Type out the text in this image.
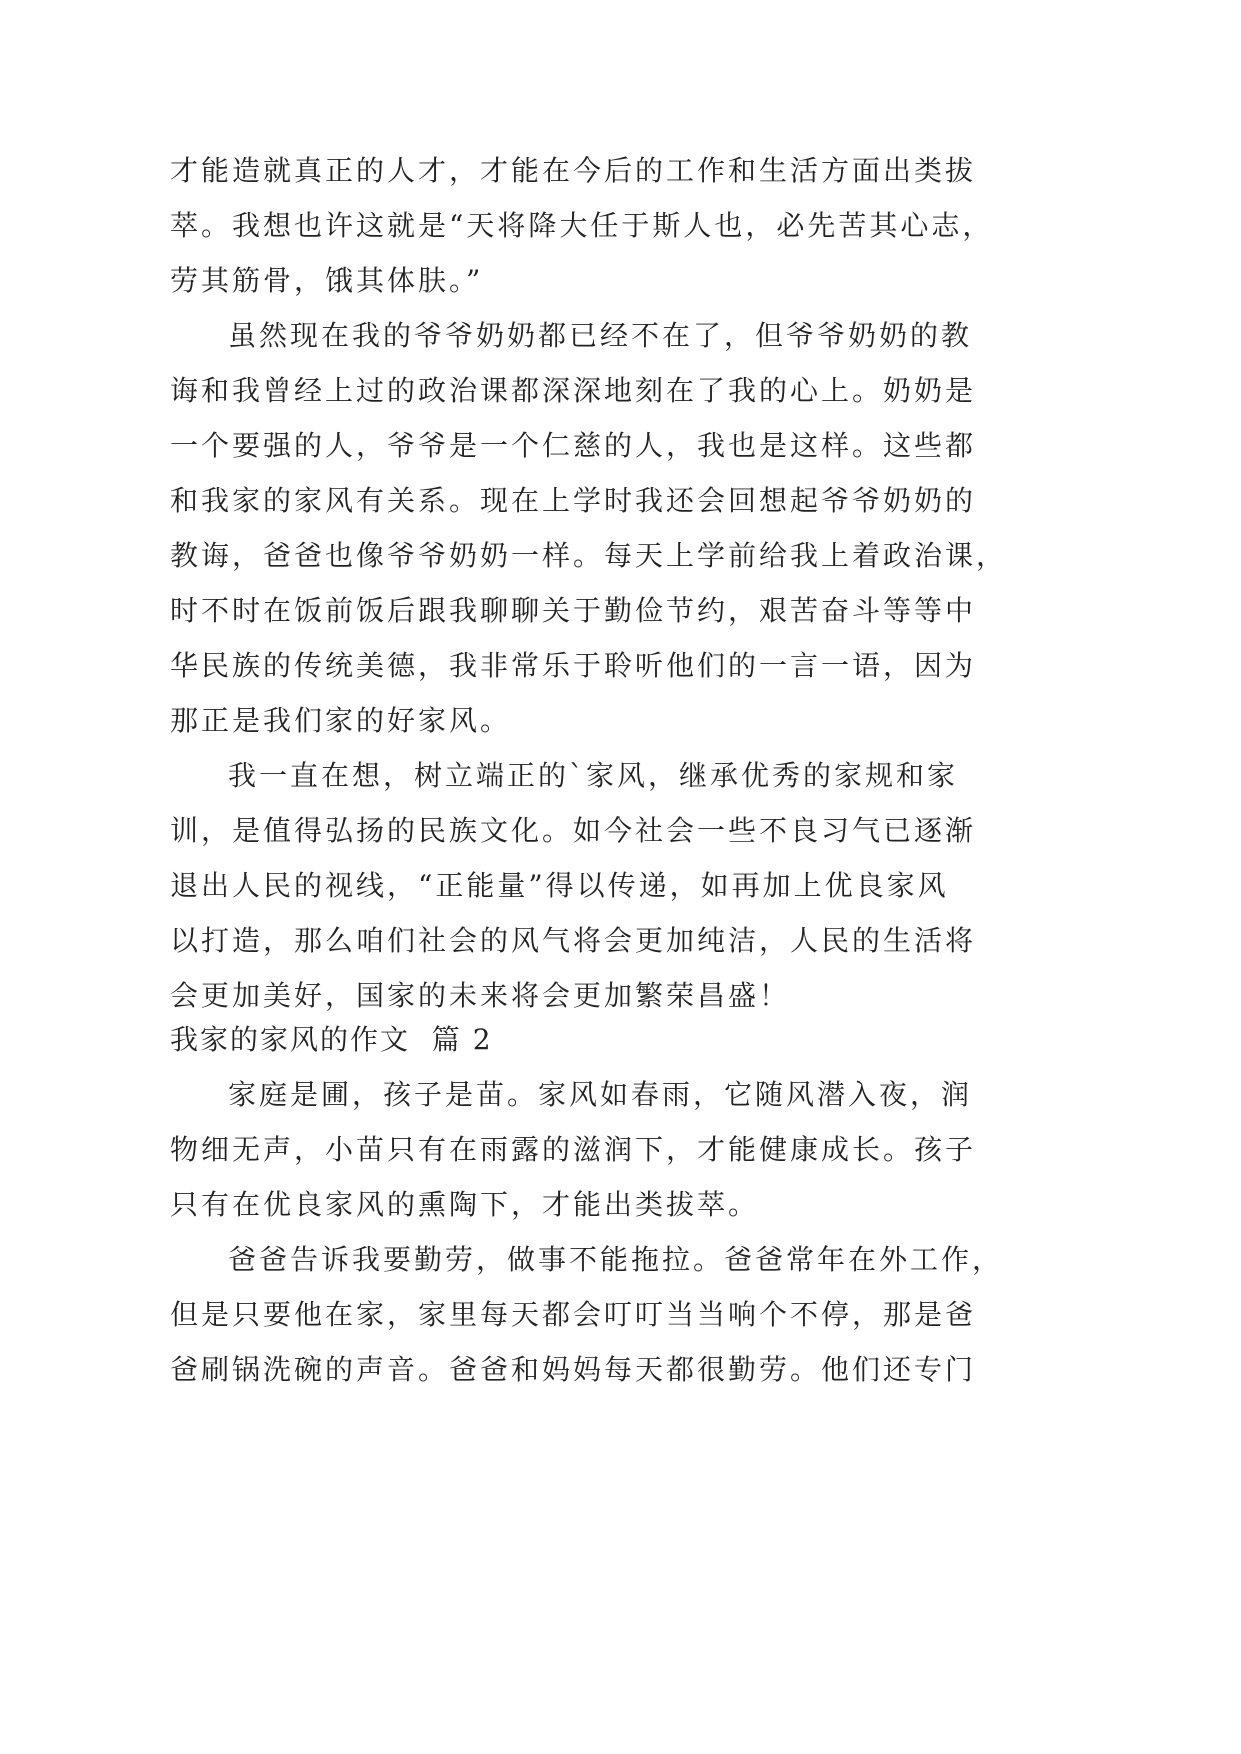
才能造就真正的人才，才能在今后的工作和生活方面出类拔
萃。我想也许这就是“天将降大任于斯人也，必先苦其心志，
劳其筋骨，饿其体肤。”
虽然现在我的爷爷奶奶都已经不在了，但爷爷奶奶的教
诲和我曾经上过的政治课都深深地刻在了我的心上。奶奶是
一个要强的人，爷爷是一个仁慈的人，我也是这样。这些都
和我家的家风有关系。现在上学时我还会回想起爷爷奶奶的
教诲，爸爸也像爷爷奶奶一样。每天上学前给我上着政治课，
时不时在饭前饭后跟我聊聊关于勤俭节约，艰苦奋斗等等中
华民族的传统美德，我非常乐于聆听他们的一言一语，因为
那正是我们家的好家风。
我一直在想，树立端正的`家风，继承优秀的家规和家
训，是值得弘扬的民族文化。如今社会一些不良习气已逐渐
退出人民的视线，“正能量”得以传递，如再加上优良家风
以打造，那么咱们社会的风气将会更加纯洁，人民的生活将
会更加美好，国家的未来将会更加繁荣昌盛！
我家的家风的作文  篇 2
家庭是圃，孩子是苗。家风如春雨，它随风潜入夜，润
物细无声，小苗只有在雨露的滋润下，才能健康成长。孩子
只有在优良家风的熏陶下，才能出类拔萃。
爸爸告诉我要勤劳，做事不能拖拉。爸爸常年在外工作，
但是只要他在家，家里每天都会叮叮当当响个不停，那是爸
爸刷锅洗碗的声音。爸爸和妈妈每天都很勤劳。他们还专门
